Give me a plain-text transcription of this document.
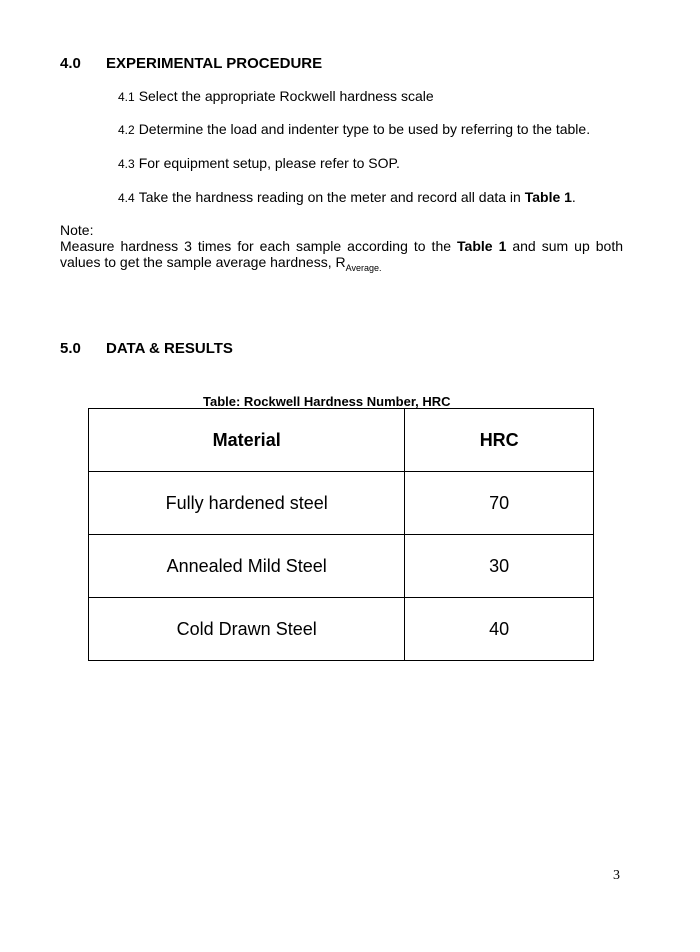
4.0 EXPERIMENTAL PROCEDURE
4.1 Select the appropriate Rockwell hardness scale
4.2 Determine the load and indenter type to be used by referring to the table.
4.3 For equipment setup, please refer to SOP.
4.4 Take the hardness reading on the meter and record all data in Table 1.
Note:
Measure hardness 3 times for each sample according to the Table 1 and sum up both values to get the sample average hardness, $R_{Average.}$
5.0 DATA & RESULTS
Table: Rockwell Hardness Number, HRC
Material	HRC
Fully hardened steel	70
Annealed Mild Steel	30
Cold Drawn Steel	40
3
